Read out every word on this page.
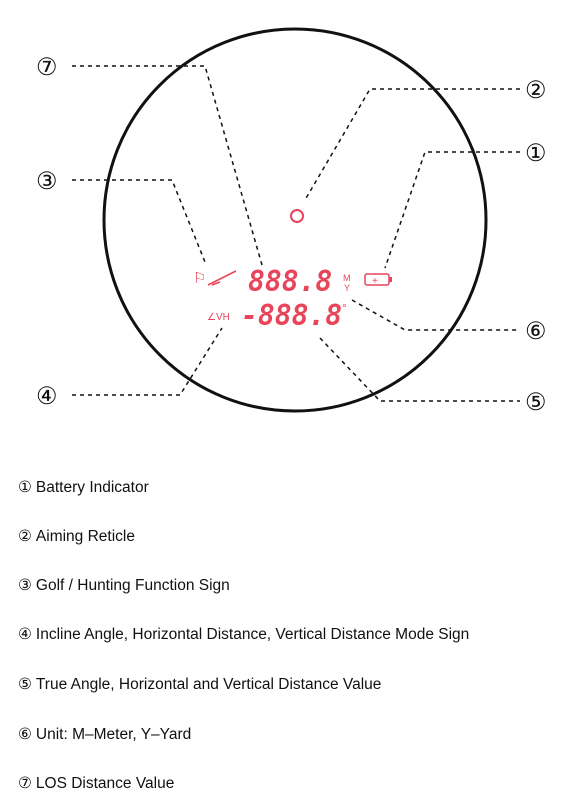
⑦
②
①
③
⑥
④	⑤
⚐ 888.8 M
Y
+
∠VH -888.8 °
① Battery Indicator
② Aiming Reticle
③ Golf / Hunting Function Sign
④ Incline Angle, Horizontal Distance, Vertical Distance Mode Sign
⑤ True Angle, Horizontal and Vertical Distance Value
⑥ Unit: M–Meter, Y–Yard
⑦ LOS Distance Value
